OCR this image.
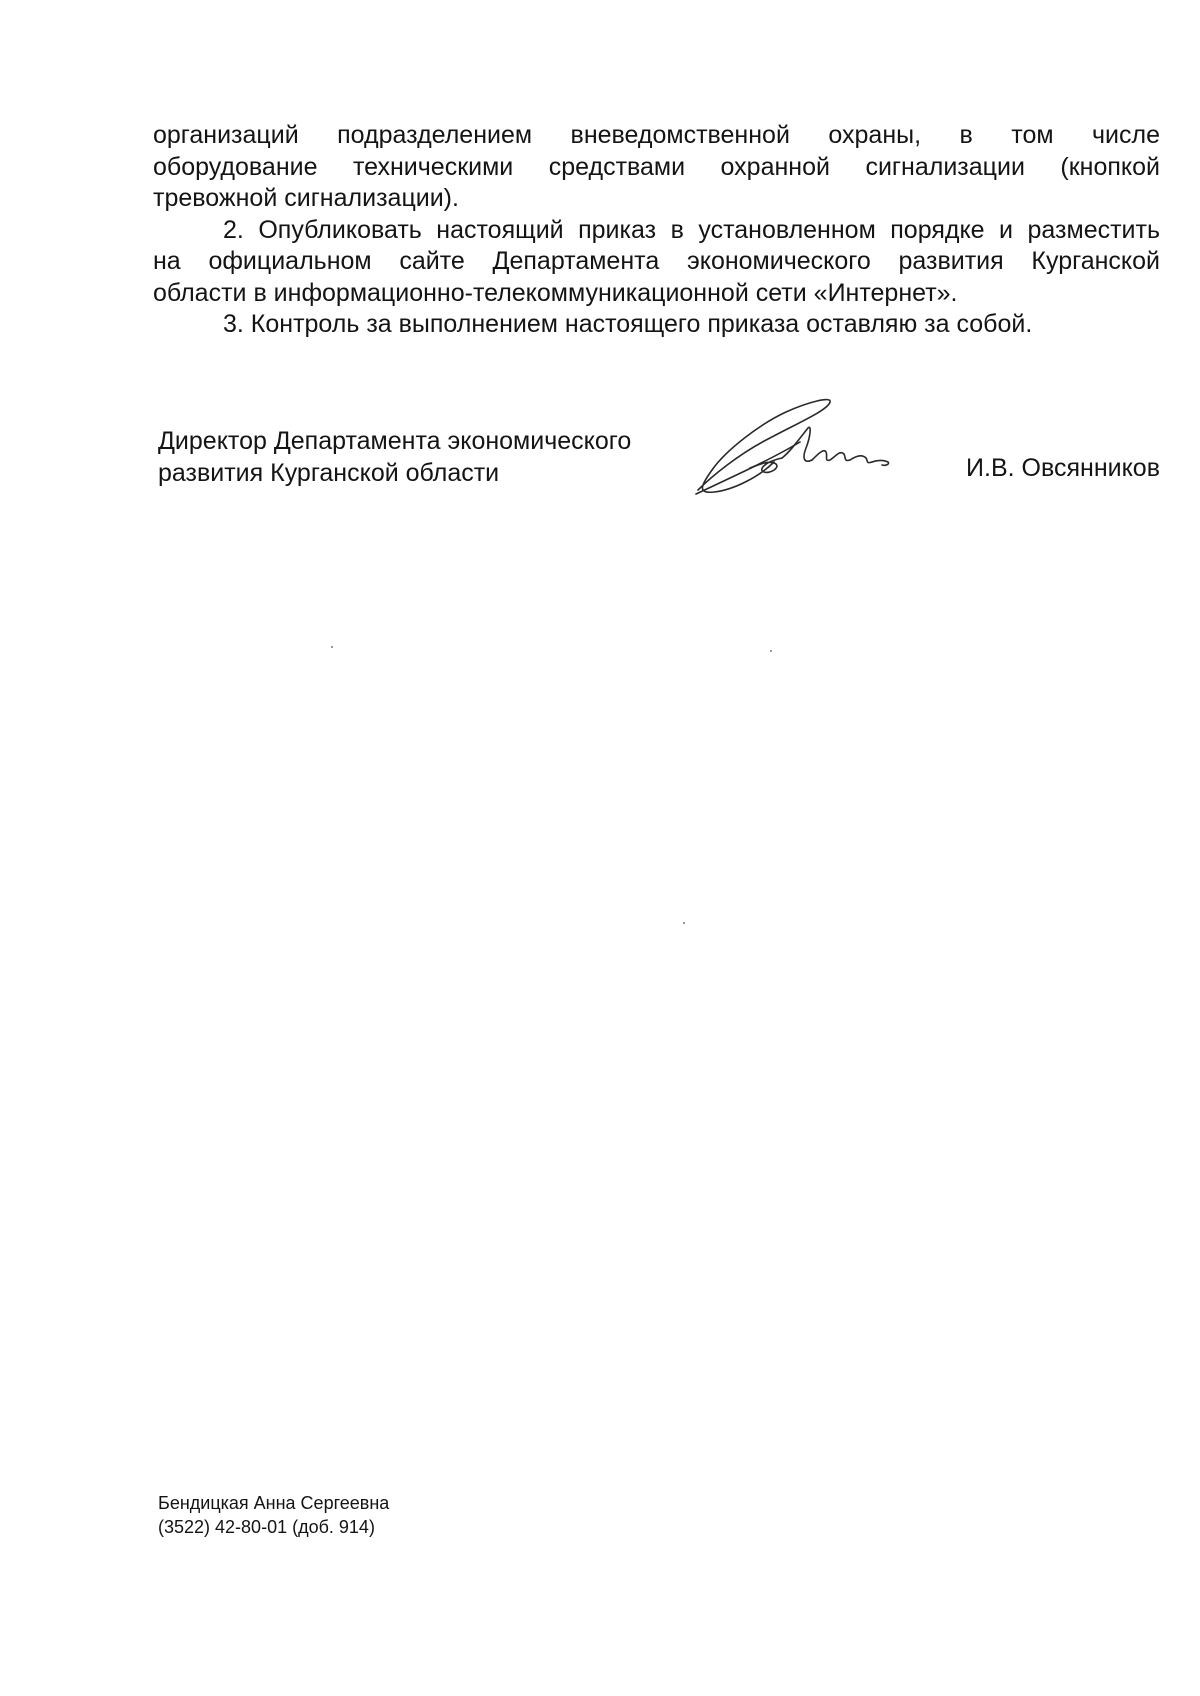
организаций подразделением вневедомственной охраны, в том числе

оборудование техническими средствами охранной сигнализации (кнопкой

тревожной сигнализации).

2. Опубликовать настоящий приказ в установленном порядке и разместить

на официальном сайте Департамента экономического развития Курганской

области в информационно-телекоммуникационной сети «Интернет».

3. Контроль за выполнением настоящего приказа оставляю за собой.

Директор Департамента экономического
развития Курганской области	И.В. Овсянников
Бендицкая Анна Сергеевна
(3522) 42-80-01 (доб. 914)
